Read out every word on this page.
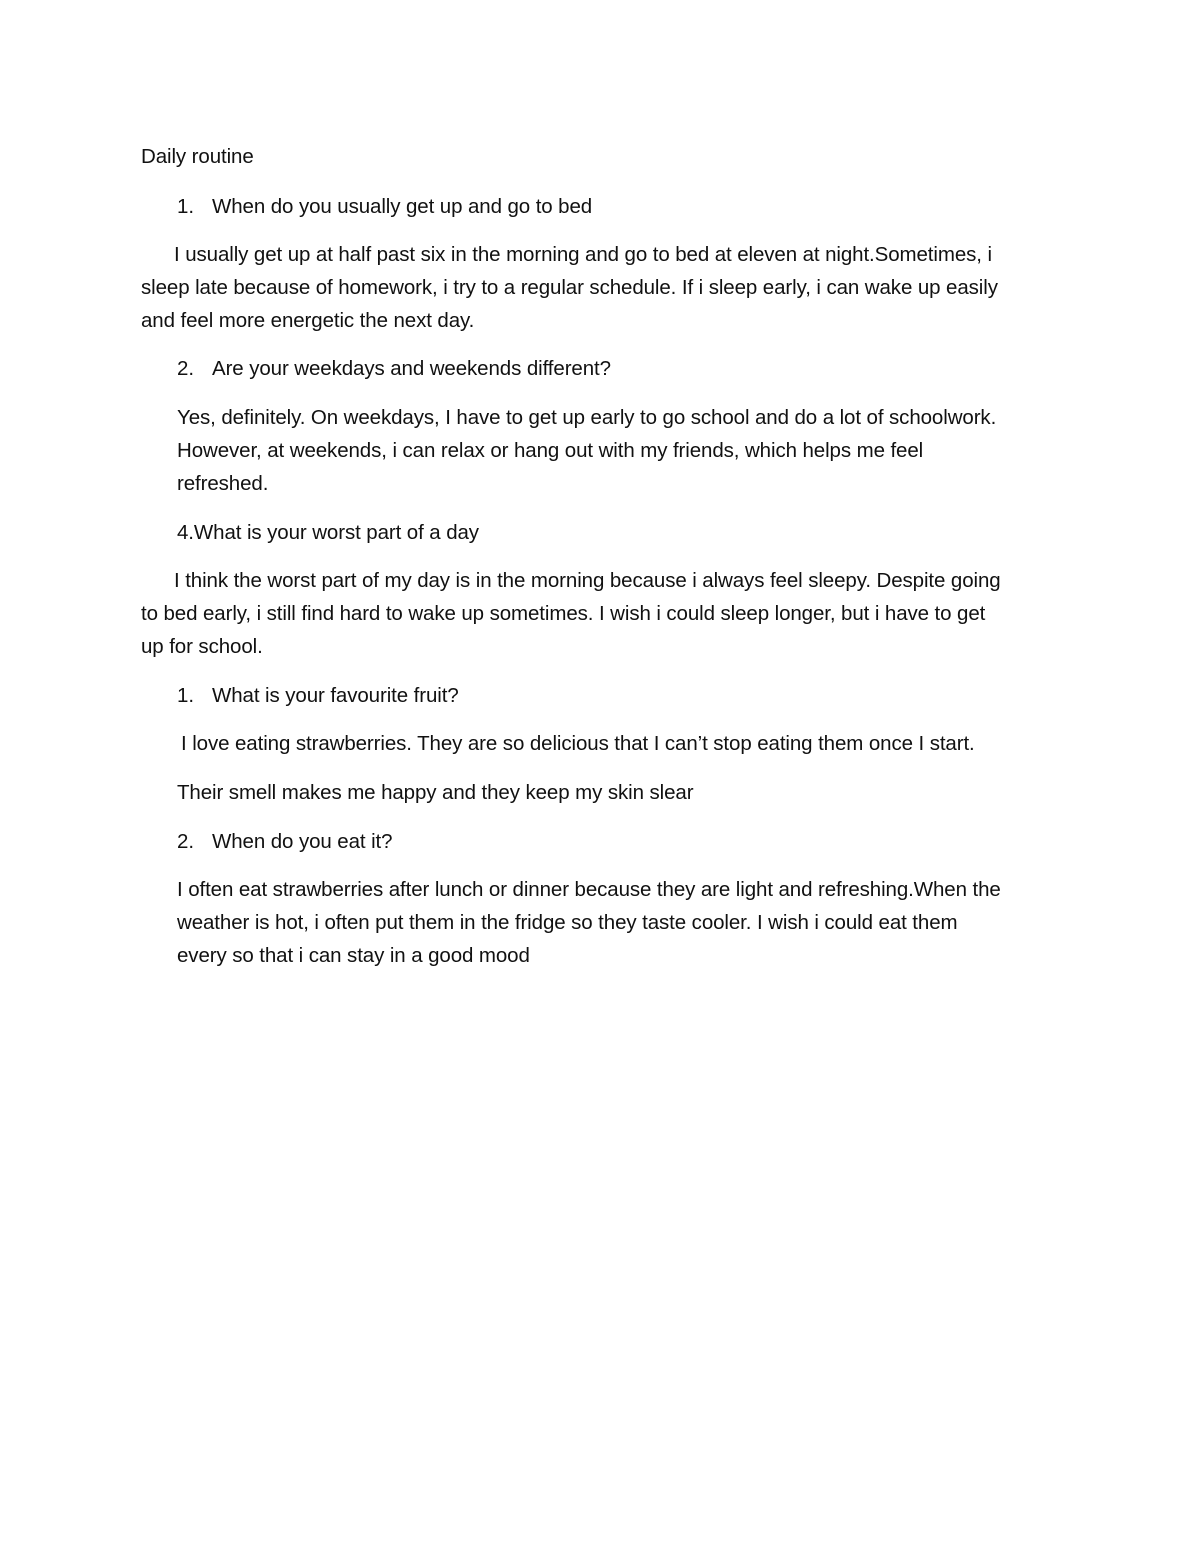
Daily routine
1. When do you usually get up and go to bed
I usually get up at half past six in the morning and go to bed at eleven at night.Sometimes, i
sleep late because of homework, i try to a regular schedule. If i sleep early, i can wake up easily
and feel more energetic the next day.
2. Are your weekdays and weekends different?
Yes, definitely. On weekdays, I have to get up early to go school and do a lot of schoolwork.
However, at weekends, i can relax or hang out with my friends, which helps me feel
refreshed.
4.What is your worst part of a day
I think the worst part of my day is in the morning because i always feel sleepy. Despite going
to bed early, i still find hard to wake up sometimes. I wish i could sleep longer, but i have to get
up for school.
1. What is your favourite fruit?
I love eating strawberries. They are so delicious that I can’t stop eating them once I start.
Their smell makes me happy and they keep my skin slear
2. When do you eat it?
I often eat strawberries after lunch or dinner because they are light and refreshing.When the
weather is hot, i often put them in the fridge so they taste cooler. I wish i could eat them
every so that i can stay in a good mood
